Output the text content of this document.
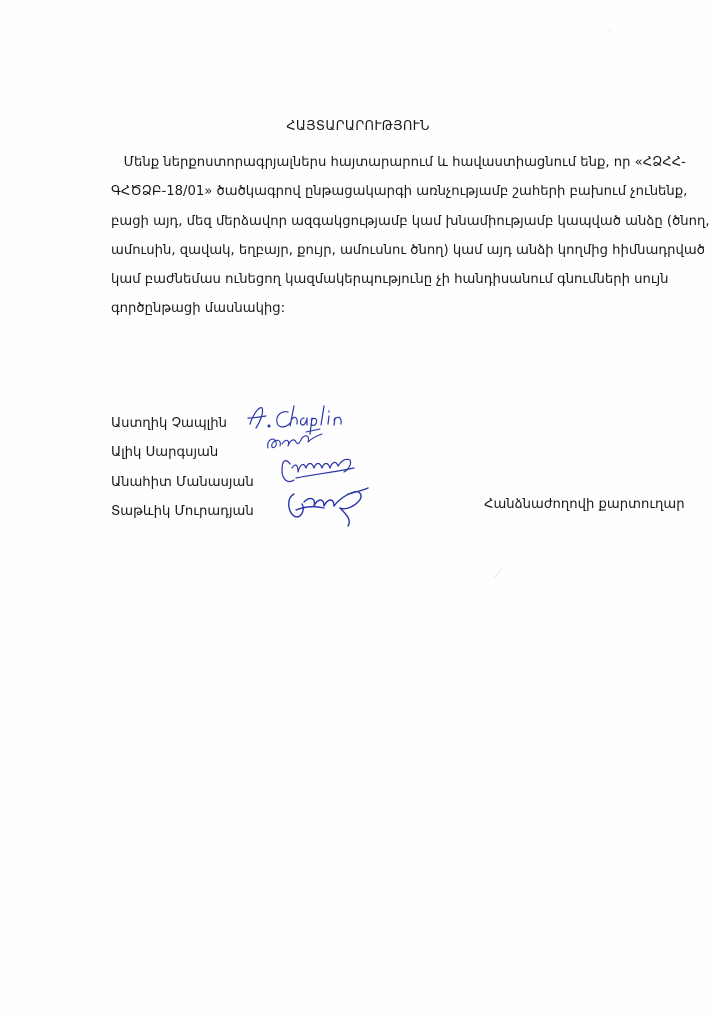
ՀԱՅՏԱՐԱՐՈՒԹՅՈՒՆ
Մենք ներքոստորագրյալներս հայտարարում և հավաստիացնում ենք, որ «ՀՁՀՀ-
ԳՀԾՁԲ-18/01» ծածկագրով ընթացակարգի առնչությամբ շահերի բախում չունենք,
բացի այդ, մեզ մերձավոր ազգակցությամբ կամ խնամիությամբ կապված անձը (ծնող,
ամուսին, զավակ, եղբայր, քույր, ամուսնու ծնող) կամ այդ անձի կողմից հիմնադրված
կամ բաժնեմաս ունեցող կազմակերպությունը չի հանդիսանում գնումների սույն
գործընթացի մասնակից:
Աստղիկ Չապլին
Ալիկ Սարգսյան
Անահիտ Մանասյան
Տաթևիկ Մուրադյան	Հանձնաժողովի քարտուղար
